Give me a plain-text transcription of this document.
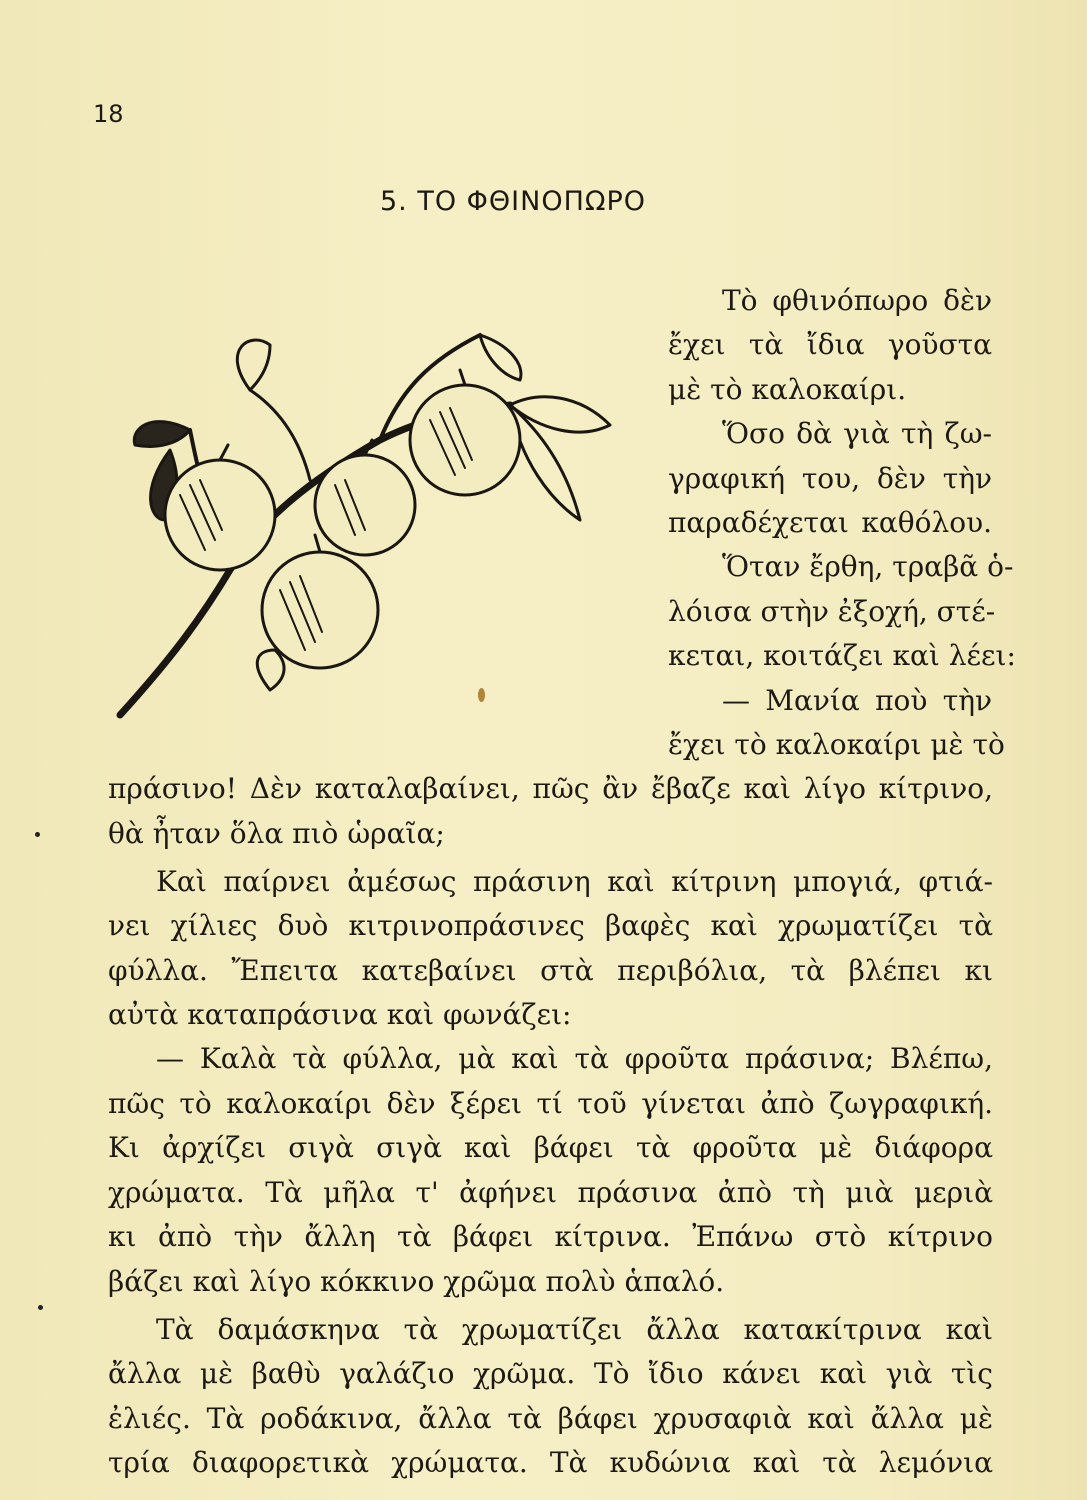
18
5. ΤΟ ΦΘΙΝΟΠΩΡΟ
Τὸ φθινόπωρο δὲν
ἔχει τὰ ἴδια γοῦστα
μὲ τὸ καλοκαίρι.
Ὅσο δὰ γιὰ τὴ ζω-
γραφική του, δὲν τὴν
παραδέχεται καθόλου.
Ὅταν ἔρθη, τραβᾶ ὁ-
λόισα στὴν ἐξοχή, στέ-
κεται, κοιτάζει καὶ λέει:
— Μανία ποὺ τὴν
ἔχει τὸ καλοκαίρι μὲ τὸ
πράσινο! Δὲν καταλαβαίνει, πῶς ἂν ἔβαζε καὶ λίγο κίτρινο,
θὰ ἦταν ὅλα πιὸ ὡραῖα;
Καὶ παίρνει ἀμέσως πράσινη καὶ κίτρινη μπογιά, φτιά-
νει χίλιες δυὸ κιτρινοπράσινες βαφὲς καὶ χρωματίζει τὰ
φύλλα. Ἔπειτα κατεβαίνει στὰ περιβόλια, τὰ βλέπει κι
αὐτὰ καταπράσινα καὶ φωνάζει:
— Καλὰ τὰ φύλλα, μὰ καὶ τὰ φροῦτα πράσινα; Βλέπω,
πῶς τὸ καλοκαίρι δὲν ξέρει τί τοῦ γίνεται ἀπὸ ζωγραφική.
Κι ἀρχίζει σιγὰ σιγὰ καὶ βάφει τὰ φροῦτα μὲ διάφορα
χρώματα. Τὰ μῆλα τ' ἀφήνει πράσινα ἀπὸ τὴ μιὰ μεριὰ
κι ἀπὸ τὴν ἄλλη τὰ βάφει κίτρινα. Ἐπάνω στὸ κίτρινο
βάζει καὶ λίγο κόκκινο χρῶμα πολὺ ἁπαλό.
Τὰ δαμάσκηνα τὰ χρωματίζει ἄλλα κατακίτρινα καὶ
ἄλλα μὲ βαθὺ γαλάζιο χρῶμα. Τὸ ἴδιο κάνει καὶ γιὰ τὶς
ἐλιές. Τὰ ροδάκινα, ἄλλα τὰ βάφει χρυσαφιὰ καὶ ἄλλα μὲ
τρία διαφορετικὰ χρώματα. Τὰ κυδώνια καὶ τὰ λεμόνια
